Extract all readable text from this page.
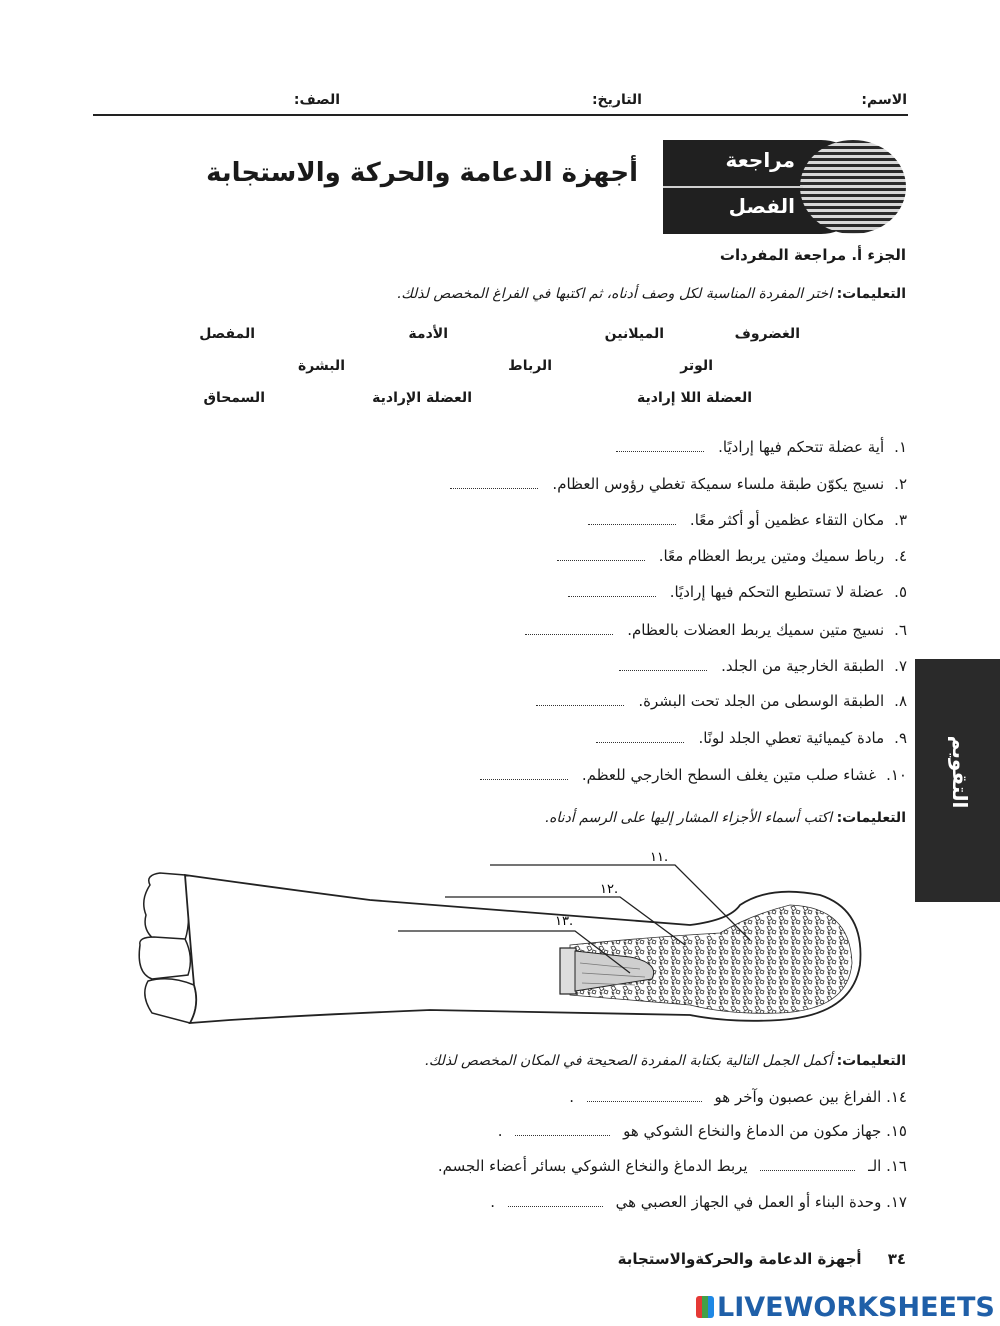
الاسم:
التاريخ:
الصف:
مراجعة
الفصل
أجهزة الدعامة والحركة والاستجابة
الجزء أ. مراجعة المفردات
التعليمات: اختر المفردة المناسبة لكل وصف أدناه، ثم اكتبها في الفراغ المخصص لذلك.
الغضروف
الميلانين
الأدمة
المفصل
الوتر
الرباط
البشرة
العضلة اللا إرادية
العضلة الإرادية
السمحاق
١.
أية عضلة تتحكم فيها إراديًا.
٢.
نسيج يكوّن طبقة ملساء سميكة تغطي رؤوس العظام.
٣.
مكان التقاء عظمين أو أكثر معًا.
٤.
رباط سميك ومتين يربط العظام معًا.
٥.
عضلة لا تستطيع التحكم فيها إراديًا.
٦.
نسيج متين سميك يربط العضلات بالعظام.
٧.
الطبقة الخارجية من الجلد.
٨.
الطبقة الوسطى من الجلد تحت البشرة.
٩.
مادة كيميائية تعطي الجلد لونًا.
١٠.
غشاء صلب متين يغلف السطح الخارجي للعظم.	التقويم
التعليمات: اكتب أسماء الأجزاء المشار إليها على الرسم أدناه.
١١.
١٢.
١٣.
التعليمات: أكمل الجمل التالية بكتابة المفردة الصحيحة في المكان المخصص لذلك.
١٤. الفراغ بين عصبون وآخر هو  .
١٥. جهاز مكون من الدماغ والنخاع الشوكي هو  .
١٦. الـ  يربط الدماغ والنخاع الشوكي بسائر أعضاء الجسم.
١٧. وحدة البناء أو العمل في الجهاز العصبي هي  .
٣٤     أجهزة الدعامة والحركةوالاستجابة
LIVEWORKSHEETS
